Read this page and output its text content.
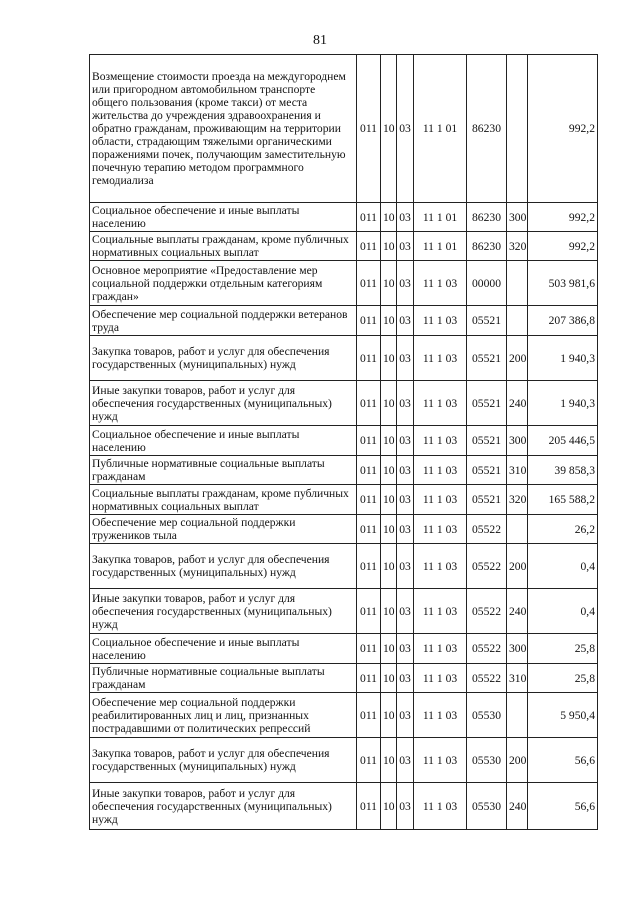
81
Возмещение стоимости проезда на междугороднем или пригородном автомобильном транспорте общего пользования (кроме такси) от места жительства до учреждения здравоохранения и обратно гражданам, проживающим на территории области, страдающим тяжелыми органическими поражениями почек, получающим заместительную почечную терапию методом программного гемодиализа	011	10	03	11 1 01	86230		992,2
Социальное обеспечение и иные выплаты населению	011	10	03	11 1 01	86230	300	992,2
Социальные выплаты гражданам, кроме публичных нормативных социальных выплат	011	10	03	11 1 01	86230	320	992,2
Основное мероприятие «Предоставление мер социальной поддержки отдельным категориям граждан»	011	10	03	11 1 03	00000		503 981,6
Обеспечение мер социальной поддержки ветеранов труда	011	10	03	11 1 03	05521		207 386,8
Закупка товаров, работ и услуг для обеспечения государственных (муниципальных) нужд	011	10	03	11 1 03	05521	200	1 940,3
Иные закупки товаров, работ и услуг для обеспечения государственных (муниципальных) нужд	011	10	03	11 1 03	05521	240	1 940,3
Социальное обеспечение и иные выплаты населению	011	10	03	11 1 03	05521	300	205 446,5
Публичные нормативные социальные выплаты гражданам	011	10	03	11 1 03	05521	310	39 858,3
Социальные выплаты гражданам, кроме публичных нормативных социальных выплат	011	10	03	11 1 03	05521	320	165 588,2
Обеспечение мер социальной поддержки тружеников тыла	011	10	03	11 1 03	05522		26,2
Закупка товаров, работ и услуг для обеспечения государственных (муниципальных) нужд	011	10	03	11 1 03	05522	200	0,4
Иные закупки товаров, работ и услуг для обеспечения государственных (муниципальных) нужд	011	10	03	11 1 03	05522	240	0,4
Социальное обеспечение и иные выплаты населению	011	10	03	11 1 03	05522	300	25,8
Публичные нормативные социальные выплаты гражданам	011	10	03	11 1 03	05522	310	25,8
Обеспечение мер социальной поддержки реабилитированных лиц и лиц, признанных пострадавшими от политических репрессий	011	10	03	11 1 03	05530		5 950,4
Закупка товаров, работ и услуг для обеспечения государственных (муниципальных) нужд	011	10	03	11 1 03	05530	200	56,6
Иные закупки товаров, работ и услуг для обеспечения государственных (муниципальных) нужд	011	10	03	11 1 03	05530	240	56,6
